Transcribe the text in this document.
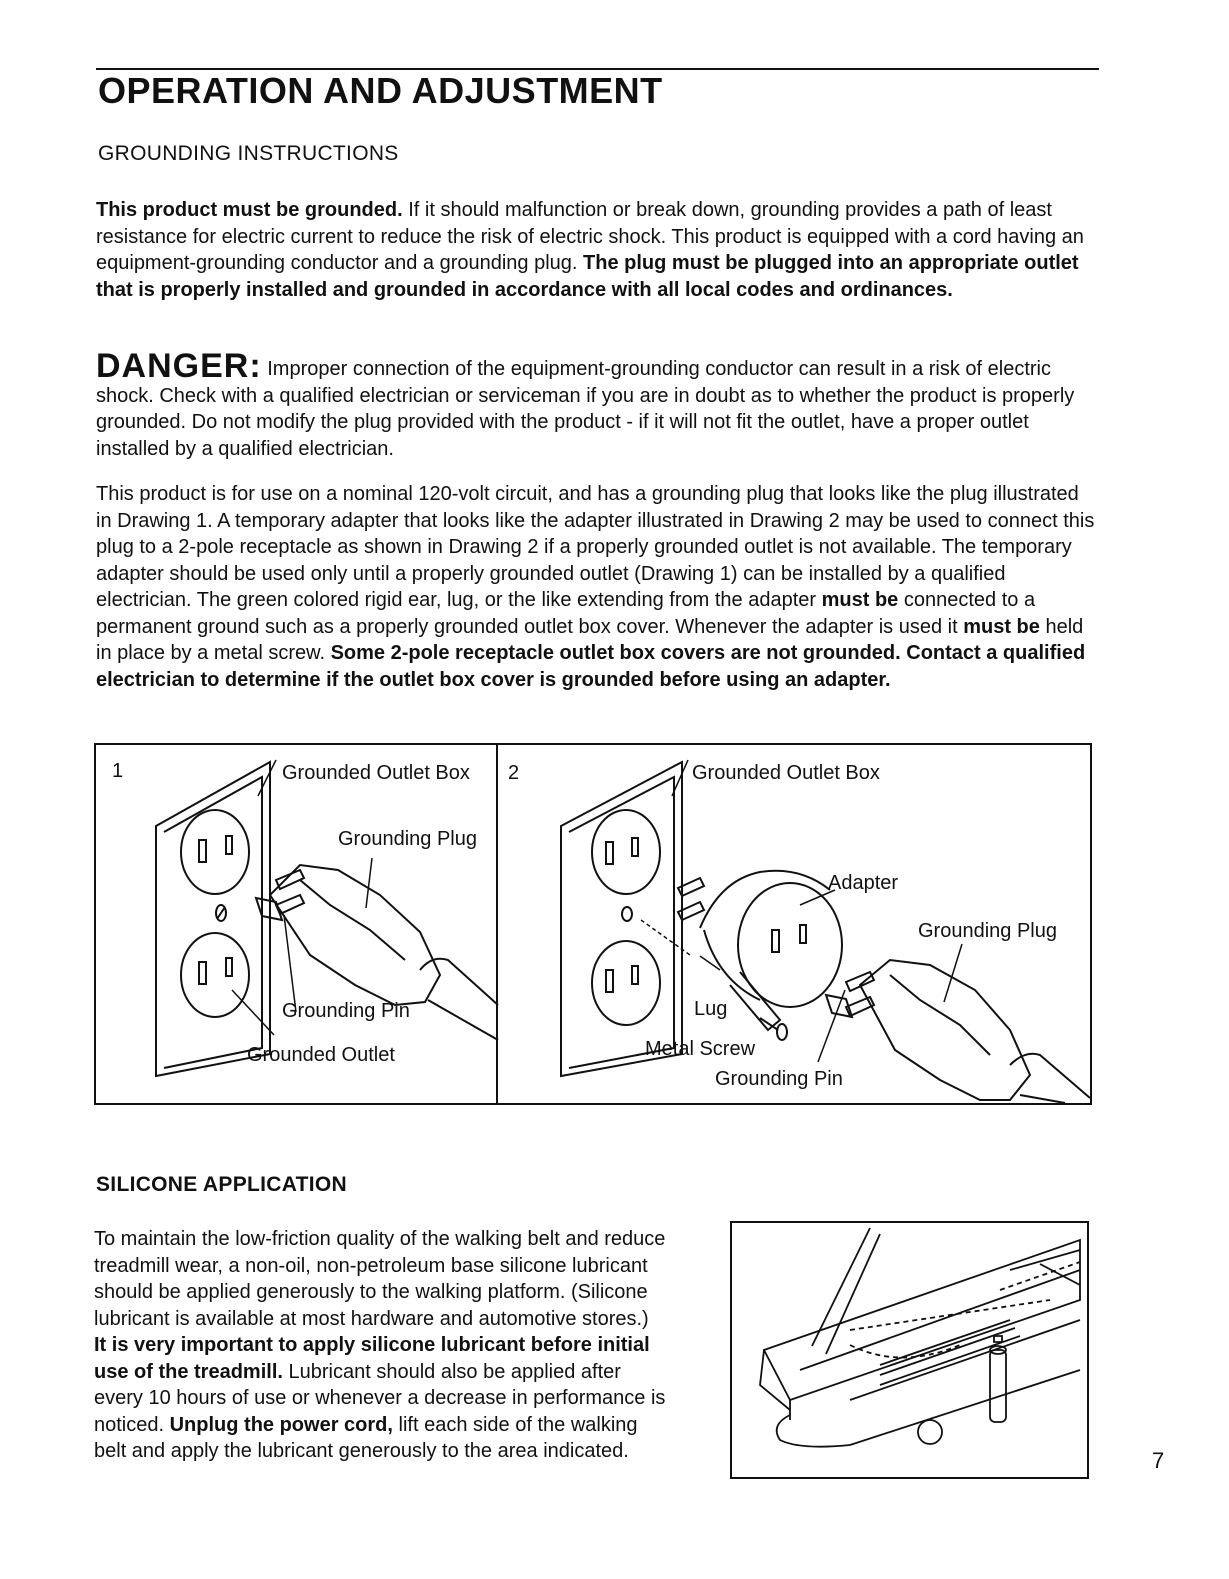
OPERATION AND ADJUSTMENT
GROUNDING INSTRUCTIONS
This product must be grounded. If it should malfunction or break down, grounding provides a path of least resistance for electric current to reduce the risk of electric shock. This product is equipped with a cord having an equipment-grounding conductor and a grounding plug. The plug must be plugged into an appropriate outlet that is properly installed and grounded in accordance with all local codes and ordinances.
DANGER: Improper connection of the equipment-grounding conductor can result in a risk of electric shock. Check with a qualified electrician or serviceman if you are in doubt as to whether the product is properly grounded. Do not modify the plug provided with the product - if it will not fit the outlet, have a proper outlet installed by a qualified electrician.
This product is for use on a nominal 120-volt circuit, and has a grounding plug that looks like the plug illustrated in Drawing 1. A temporary adapter that looks like the adapter illustrated in Drawing 2 may be used to connect this plug to a 2-pole receptacle as shown in Drawing 2 if a properly grounded outlet is not available. The temporary adapter should be used only until a properly grounded outlet (Drawing 1) can be installed by a qualified electrician. The green colored rigid ear, lug, or the like extending from the adapter must be connected to a permanent ground such as a properly grounded outlet box cover. Whenever the adapter is used it must be held in place by a metal screw. Some 2-pole receptacle outlet box covers are not grounded. Contact a qualified electrician to determine if the outlet box cover is grounded before using an adapter.
1	Grounded Outlet Box
Grounding Plug
Grounding Pin
Grounded Outlet
2	Grounded Outlet Box
Adapter
Grounding Plug
Lug
Metal Screw
Grounding Pin
SILICONE APPLICATION
To maintain the low-friction quality of the walking belt and reduce treadmill wear, a non-oil, non-petroleum base silicone lubricant should be applied generously to the walking platform. (Silicone lubricant is available at most hardware and automotive stores.) It is very important to apply silicone lubricant before initial use of the treadmill. Lubricant should also be applied after every 10 hours of use or whenever a decrease in performance is noticed. Unplug the power cord, lift each side of the walking belt and apply the lubricant generously to the area indicated.	7
